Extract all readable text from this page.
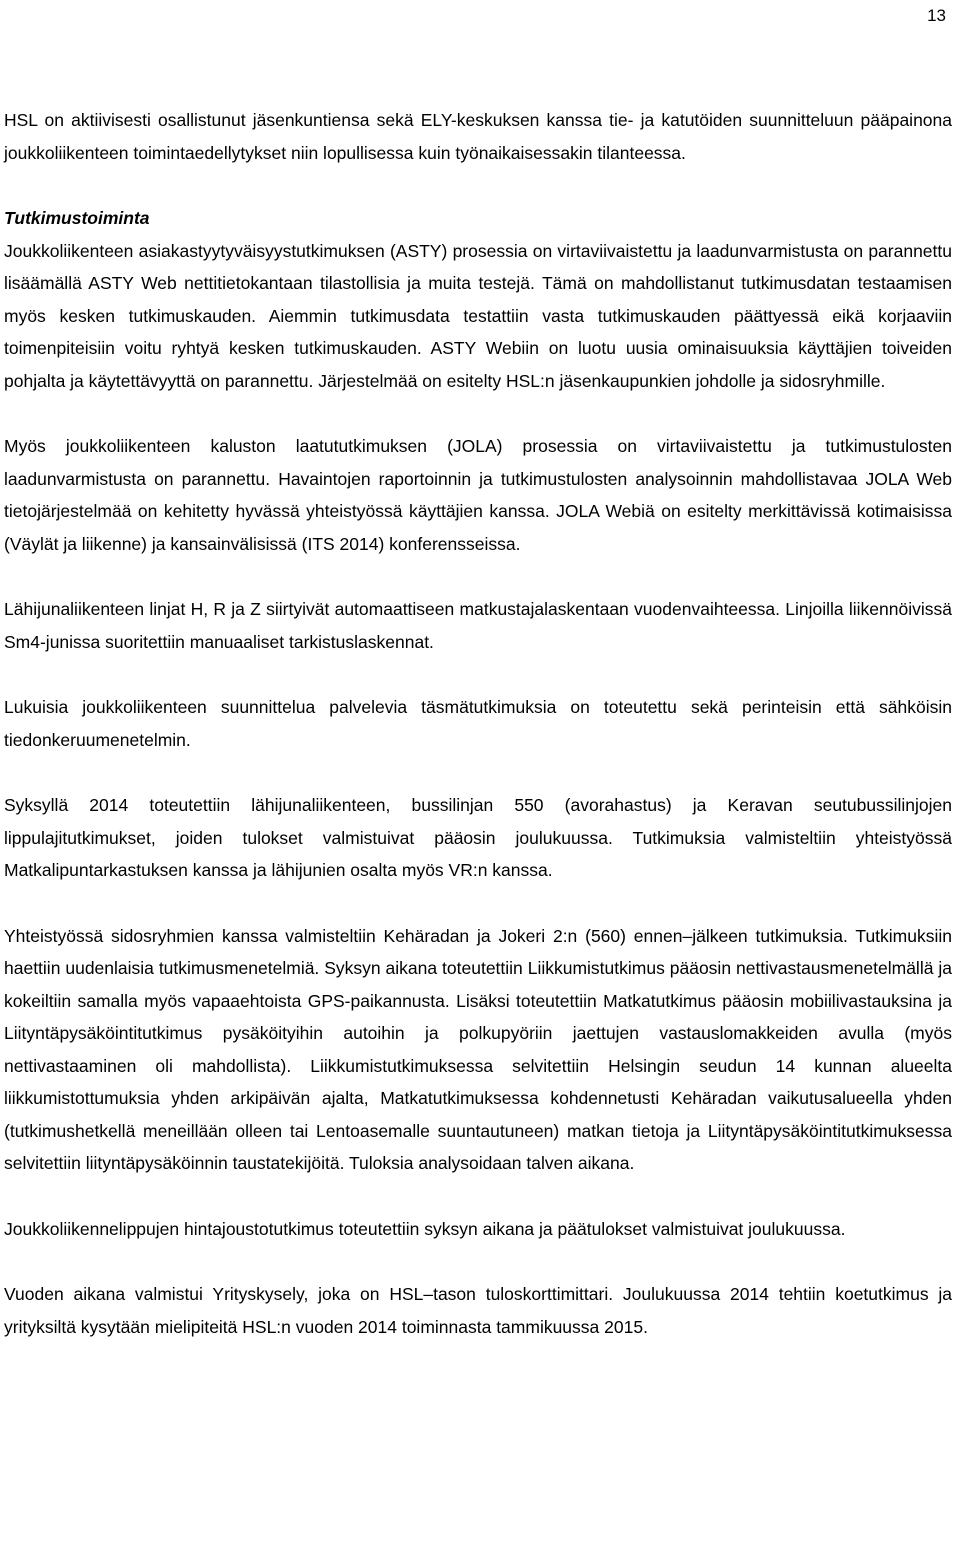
13

HSL on aktiivisesti osallistunut jäsenkuntiensa sekä ELY-keskuksen kanssa tie- ja katutöiden suunnitteluun pääpainona joukkoliikenteen toimintaedellytykset niin lopullisessa kuin työnaikaisessakin tilanteessa.

Tutkimustoiminta

Joukkoliikenteen asiakastyytyväisyystutkimuksen (ASTY) prosessia on virtaviivaistettu ja laadunvarmistusta on parannettu lisäämällä ASTY Web nettitietokantaan tilastollisia ja muita testejä. Tämä on mahdollistanut tutkimusdatan testaamisen myös kesken tutkimuskauden. Aiemmin tutkimusdata testattiin vasta tutkimuskauden päättyessä eikä korjaaviin toimenpiteisiin voitu ryhtyä kesken tutkimuskauden. ASTY Webiin on luotu uusia ominaisuuksia käyttäjien toiveiden pohjalta ja käytettävyyttä on parannettu. Järjestelmää on esitelty HSL:n jäsenkaupunkien johdolle ja sidosryhmille.

Myös joukkoliikenteen kaluston laatututkimuksen (JOLA) prosessia on virtaviivaistettu ja tutkimustulosten laadunvarmistusta on parannettu. Havaintojen raportoinnin ja tutkimustulosten analysoinnin mahdollistavaa JOLA Web tietojärjestelmää on kehitetty hyvässä yhteistyössä käyttäjien kanssa. JOLA Webiä on esitelty merkittävissä kotimaisissa (Väylät ja liikenne) ja kansainvälisissä (ITS 2014) konferensseissa.

Lähijunaliikenteen linjat H, R ja Z siirtyivät automaattiseen matkustajalaskentaan vuodenvaihteessa. Linjoilla liikennöivissä Sm4-junissa suoritettiin manuaaliset tarkistuslaskennat.

Lukuisia joukkoliikenteen suunnittelua palvelevia täsmätutkimuksia on toteutettu sekä perinteisin että sähköisin tiedonkeruumenetelmin.

Syksyllä 2014 toteutettiin lähijunaliikenteen, bussilinjan 550 (avorahastus) ja Keravan seutubussilinjojen lippulajitutkimukset, joiden tulokset valmistuivat pääosin joulukuussa. Tutkimuksia valmisteltiin yhteistyössä Matkalipuntarkastuksen kanssa ja lähijunien osalta myös VR:n kanssa.

Yhteistyössä sidosryhmien kanssa valmisteltiin Kehäradan ja Jokeri 2:n (560) ennen–jälkeen tutkimuksia. Tutkimuksiin haettiin uudenlaisia tutkimusmenetelmiä. Syksyn aikana toteutettiin Liikkumistutkimus pääosin nettivastausmenetelmällä ja kokeiltiin samalla myös vapaaehtoista GPS-paikannusta. Lisäksi toteutettiin Matkatutkimus pääosin mobiilivastauksina ja Liityntäpysäköintitutkimus pysäköityihin autoihin ja polkupyöriin jaettujen vastauslomakkeiden avulla (myös nettivastaaminen oli mahdollista). Liikkumistutkimuksessa selvitettiin Helsingin seudun 14 kunnan alueelta liikkumistottumuksia yhden arkipäivän ajalta, Matkatutkimuksessa kohdennetusti Kehäradan vaikutusalueella yhden (tutkimushetkellä meneillään olleen tai Lentoasemalle suuntautuneen) matkan tietoja ja Liityntäpysäköintitutkimuksessa selvitettiin liityntäpysäköinnin taustatekijöitä. Tuloksia analysoidaan talven aikana.

Joukkoliikennelippujen hintajoustotutkimus toteutettiin syksyn aikana ja päätulokset valmistuivat joulukuussa.

Vuoden aikana valmistui Yrityskysely, joka on HSL–tason tuloskorttimittari. Joulukuussa 2014 tehtiin koetutkimus ja yrityksiltä kysytään mielipiteitä HSL:n vuoden 2014 toiminnasta tammikuussa 2015.
